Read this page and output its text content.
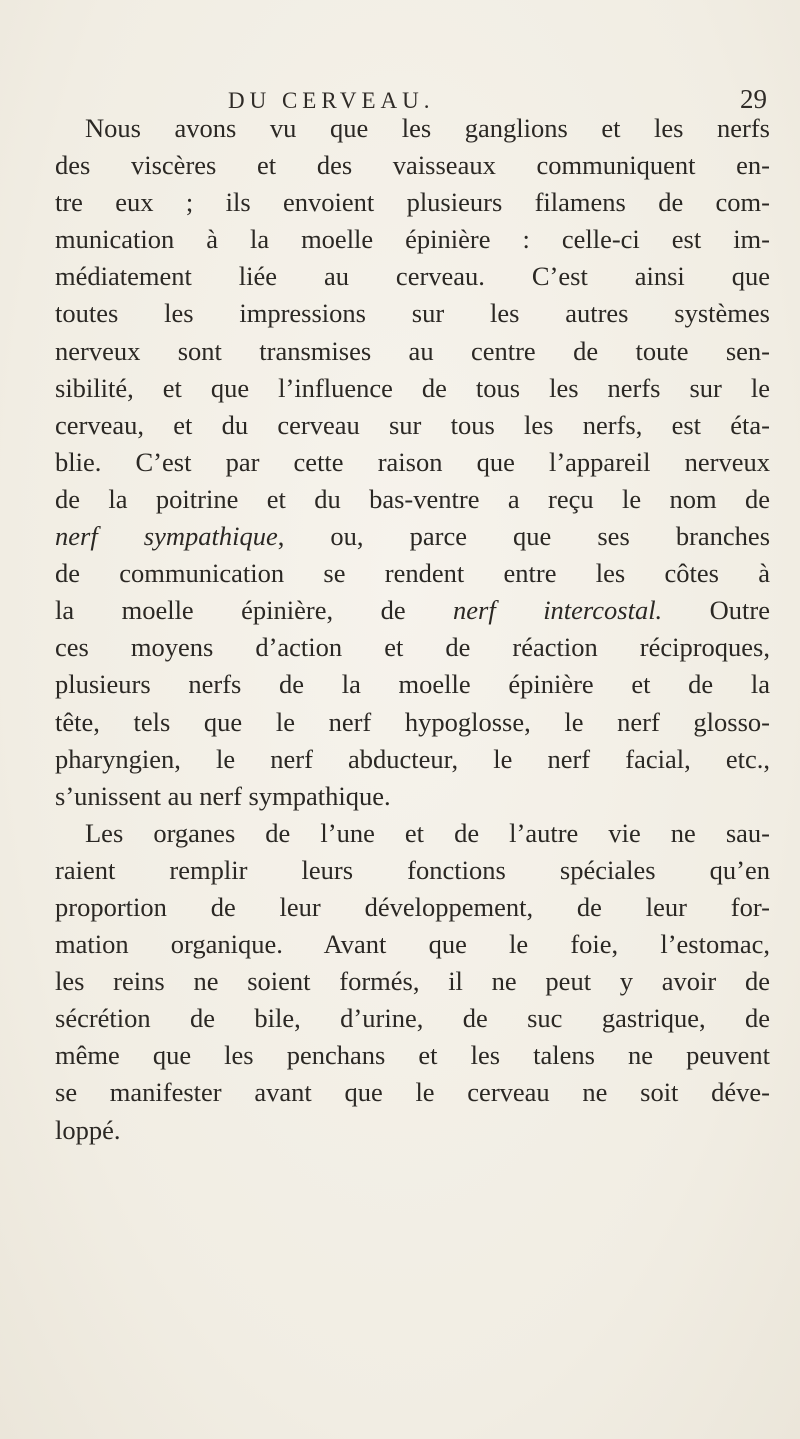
DU CERVEAU.	29
Nous avons vu que les ganglions et les nerfs
des viscères et des vaisseaux communiquent en-
tre eux ; ils envoient plusieurs filamens de com-
munication à la moelle épinière : celle-ci est im-
médiatement liée au cerveau. C’est ainsi que
toutes les impressions sur les autres systèmes
nerveux sont transmises au centre de toute sen-
sibilité, et que l’influence de tous les nerfs sur le
cerveau, et du cerveau sur tous les nerfs, est éta-
blie. C’est par cette raison que l’appareil nerveux
de la poitrine et du bas-ventre a reçu le nom de
nerf sympathique, ou, parce que ses branches
de communication se rendent entre les côtes à
la moelle épinière, de nerf intercostal. Outre
ces moyens d’action et de réaction réciproques,
plusieurs nerfs de la moelle épinière et de la
tête, tels que le nerf hypoglosse, le nerf glosso-
pharyngien, le nerf abducteur, le nerf facial, etc.,
s’unissent au nerf sympathique.
Les organes de l’une et de l’autre vie ne sau-
raient remplir leurs fonctions spéciales qu’en
proportion de leur développement, de leur for-
mation organique. Avant que le foie, l’estomac,
les reins ne soient formés, il ne peut y avoir de
sécrétion de bile, d’urine, de suc gastrique, de
même que les penchans et les talens ne peuvent
se manifester avant que le cerveau ne soit déve-
loppé.
